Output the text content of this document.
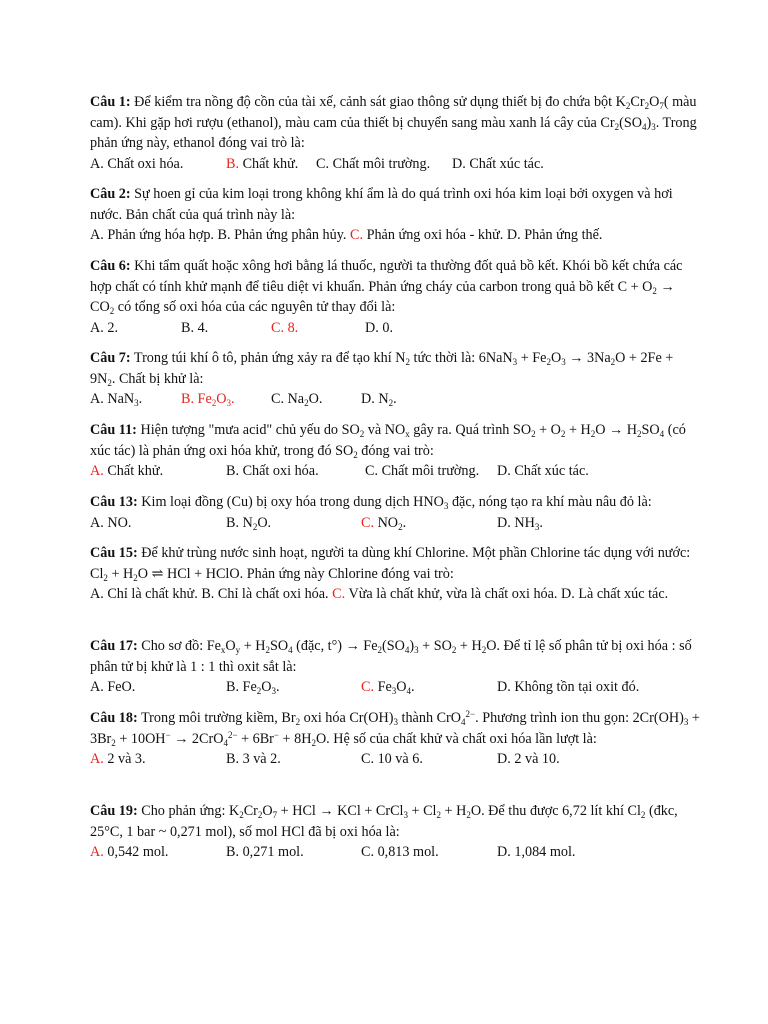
Câu 1: Để kiểm tra nồng độ cồn của tài xế, cảnh sát giao thông sử dụng thiết bị đo chứa bột $K_2Cr_2O_7$( màu cam). Khi gặp hơi rượu (ethanol), màu cam của thiết bị chuyển sang màu xanh lá cây của $Cr_2(SO_4)_3$. Trong phản ứng này, ethanol đóng vai trò là:

A. Chất oxi hóa.	B. Chất khử. C. Chất môi trường. D. Chất xúc tác.

Câu 2: Sự hoen gỉ của kim loại trong không khí ẩm là do quá trình oxi hóa kim loại bởi oxygen và hơi nước. Bản chất của quá trình này là:

A. Phản ứng hóa hợp. B. Phản ứng phân hủy. C. Phản ứng oxi hóa - khử. D. Phản ứng thế.

Câu 6: Khi tẩm quất hoặc xông hơi bằng lá thuốc, người ta thường đốt quả bồ kết. Khói bồ kết chứa các hợp chất có tính khử mạnh để tiêu diệt vi khuẩn. Phản ứng cháy của carbon trong quả bồ kết $C + O_2 \to CO_2$ có tổng số oxi hóa của các nguyên tử thay đổi là:

A. 2.	B. 4.	C. 8.	D. 0.

Câu 7: Trong túi khí ô tô, phản ứng xảy ra để tạo khí $N_2$ tức thời là: $6NaN_3 + Fe_2O_3 \to 3Na_2O + 2Fe + 9N_2$. Chất bị khử là:

A. NaN$_3$.	B. $Fe_2O_3$.	C. $Na_2O$.	D. $N_2$.

Câu 11: Hiện tượng "mưa acid" chủ yếu do $SO_2$ và $NO_x$ gây ra. Quá trình $SO_2 + O_2 + H_2O \to H_2SO_4$ (có xúc tác) là phản ứng oxi hóa khử, trong đó $SO_2$ đóng vai trò:

A. Chất khử.	B. Chất oxi hóa.	C. Chất môi trường. D. Chất xúc tác.

Câu 13: Kim loại đồng (Cu) bị oxy hóa trong dung dịch $HNO_3$ đặc, nóng tạo ra khí màu nâu đỏ là:

A. NO.	B. $N_2O$.	C. $NO_2$.	D. $NH_3$.

Câu 15: Để khử trùng nước sinh hoạt, người ta dùng khí Chlorine. Một phần Chlorine tác dụng với nước: $Cl_2 + H_2O$ ⇌ HCl + HClO. Phản ứng này Chlorine đóng vai trò:

A. Chỉ là chất khử. B. Chỉ là chất oxi hóa. C. Vừa là chất khử, vừa là chất oxi hóa. D. Là chất xúc tác.

Câu 17: Cho sơ đồ: $Fe_xO_y + H_2SO_4$ (đặc, $t^\circ) \to Fe_2(SO_4)_3 + SO_2 + H_2O$. Để tỉ lệ số phân tử bị oxi hóa : số phân tử bị khử là 1 : 1 thì oxit sắt là:

A. FeO.	B. $Fe_2O_3$.	C. $Fe_3O_4$.	D. Không tồn tại oxit đó.

Câu 18: Trong môi trường kiềm, $Br_2$ oxi hóa $Cr(OH)_3$ thành CrO$_4^{2-}$. Phương trình ion thu gọn: $2Cr(OH)_3 + 3Br_2 + 10OH^- \to 2CrO_4^{2-} + 6Br^- + 8H_2O$. Hệ số của chất khử và chất oxi hóa lần lượt là:

A. 2 và 3.	B. 3 và 2.	C. 10 và 6.	D. 2 và 10.

Câu 19: Cho phản ứng: $K_2Cr_2O_7$ + HCl → KCl + CrCl$_3$ + $Cl_2 + H_2O$. Để thu được 6,72 lít khí $Cl_2$ (đkc, 25°C, 1 bar ~ 0,271 mol), số mol HCl đã bị oxi hóa là:

A. 0,542 mol.	B. 0,271 mol.	C. 0,813 mol.	D. 1,084 mol.
